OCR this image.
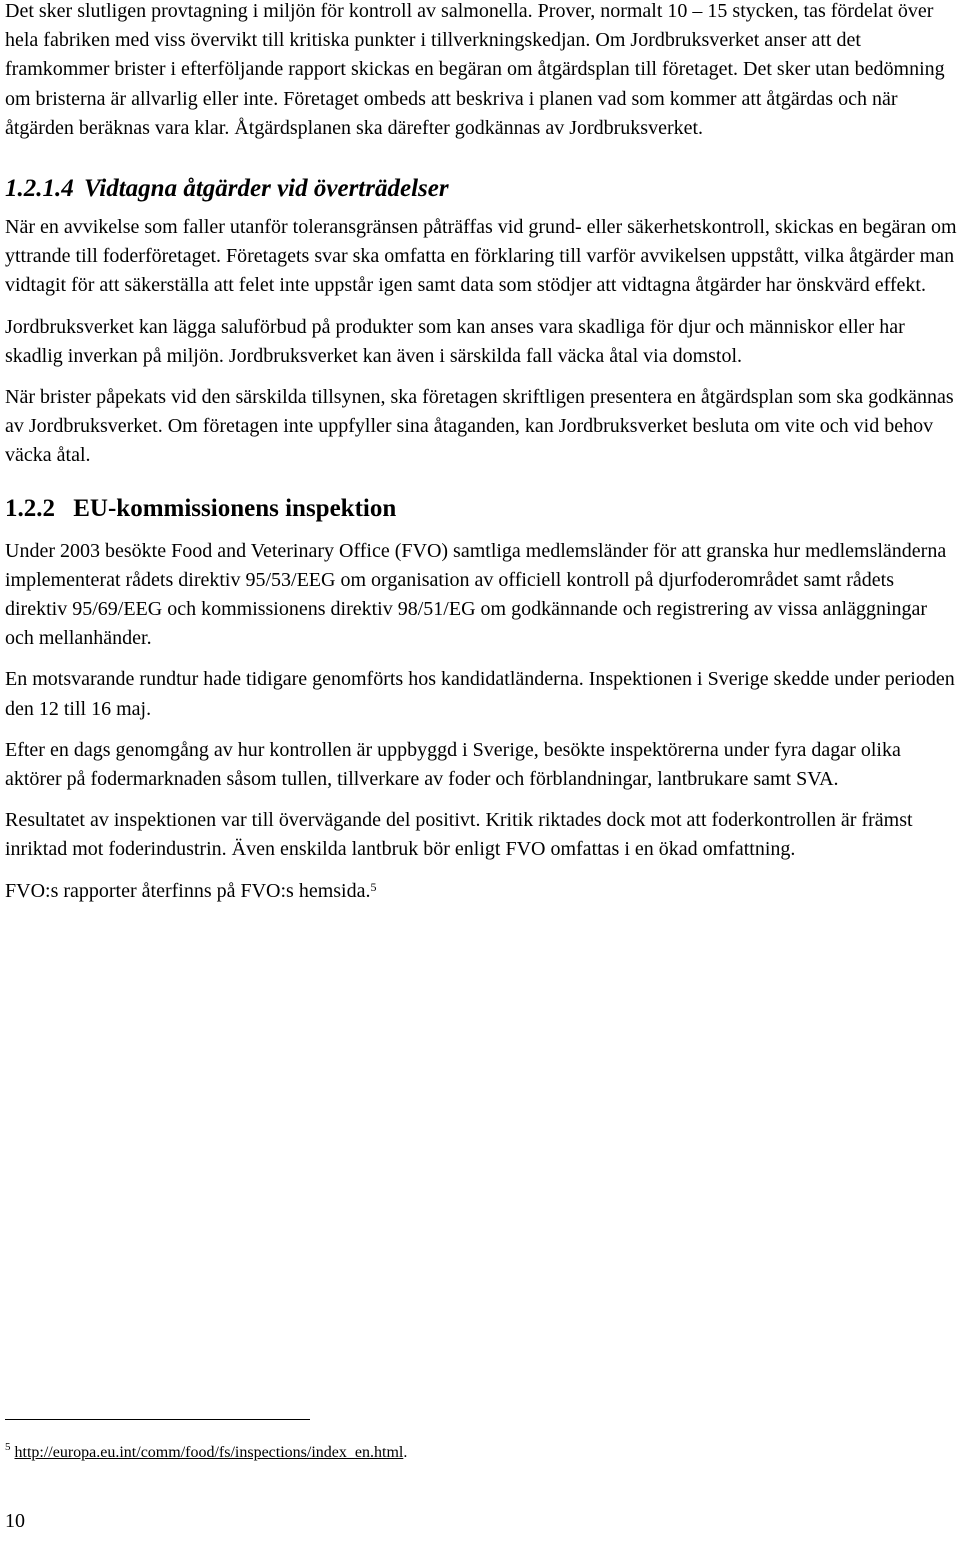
Det sker slutligen provtagning i miljön för kontroll av salmonella. Prover, normalt 10 – 15 stycken, tas fördelat över hela fabriken med viss övervikt till kritiska punkter i tillverkningskedjan. Om Jordbruksverket anser att det framkommer brister i efterföljande rapport skickas en begäran om åtgärdsplan till företaget. Det sker utan bedömning om bristerna är allvarlig eller inte. Företaget ombeds att beskriva i planen vad som kommer att åtgärdas och när åtgärden beräknas vara klar. Åtgärdsplanen ska därefter godkännas av Jordbruksverket.

1.2.1.4 Vidtagna åtgärder vid överträdelser

När en avvikelse som faller utanför toleransgränsen påträffas vid grund- eller säkerhetskontroll, skickas en begäran om yttrande till foderföretaget. Företagets svar ska omfatta en förklaring till varför avvikelsen uppstått, vilka åtgärder man vidtagit för att säkerställa att felet inte uppstår igen samt data som stödjer att vidtagna åtgärder har önskvärd effekt.

Jordbruksverket kan lägga saluförbud på produkter som kan anses vara skadliga för djur och människor eller har skadlig inverkan på miljön. Jordbruksverket kan även i särskilda fall väcka åtal via domstol.

När brister påpekats vid den särskilda tillsynen, ska företagen skriftligen presentera en åtgärdsplan som ska godkännas av Jordbruksverket. Om företagen inte uppfyller sina åtaganden, kan Jordbruksverket besluta om vite och vid behov väcka åtal.

1.2.2 EU-kommissionens inspektion

Under 2003 besökte Food and Veterinary Office (FVO) samtliga medlemsländer för att granska hur medlemsländerna implementerat rådets direktiv 95/53/EEG om organisation av officiell kontroll på djurfoderområdet samt rådets direktiv 95/69/EEG och kommissionens direktiv 98/51/EG om godkännande och registrering av vissa anläggningar och mellanhänder.

En motsvarande rundtur hade tidigare genomförts hos kandidatländerna. Inspektionen i Sverige skedde under perioden den 12 till 16 maj.

Efter en dags genomgång av hur kontrollen är uppbyggd i Sverige, besökte inspektörerna under fyra dagar olika aktörer på fodermarknaden såsom tullen, tillverkare av foder och förblandningar, lantbrukare samt SVA.

Resultatet av inspektionen var till övervägande del positivt. Kritik riktades dock mot att foderkontrollen är främst inriktad mot foderindustrin. Även enskilda lantbruk bör enligt FVO omfattas i en ökad omfattning.

FVO:s rapporter återfinns på FVO:s hemsida.$^5$

$^5$ http://europa.eu.int/comm/food/fs/inspections/index_en.html.

10
